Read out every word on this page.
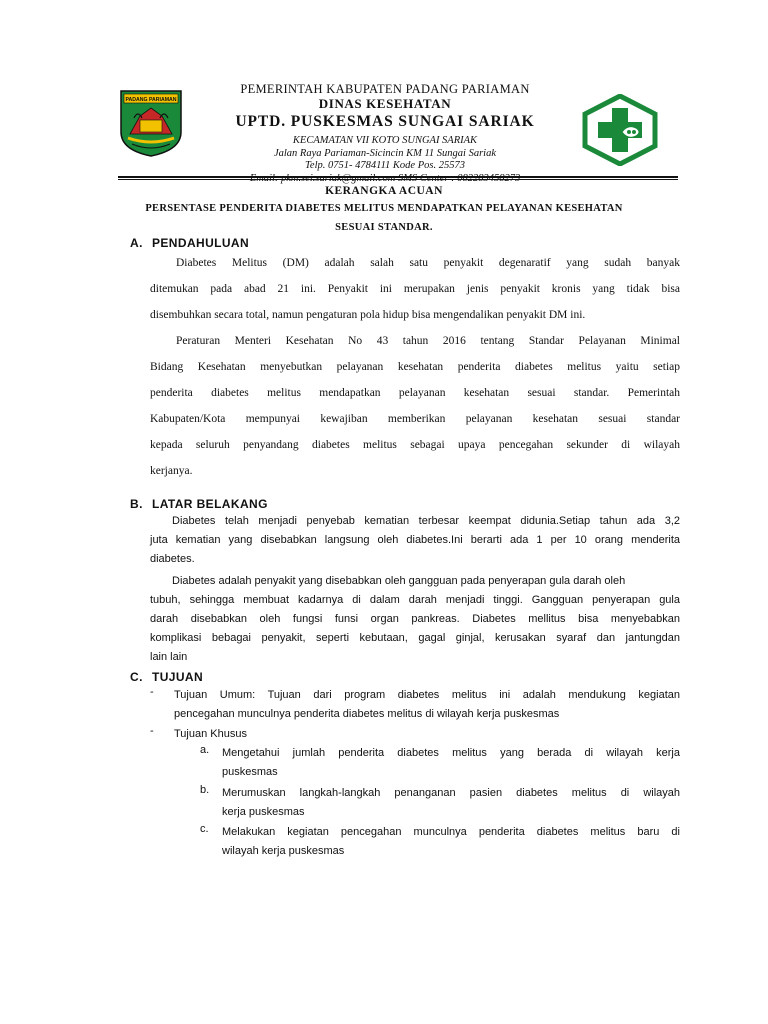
PADANG PARIAMAN
PEMERINTAH KABUPATEN PADANG PARIAMAN
DINAS KESEHATAN
UPTD. PUSKESMAS SUNGAI SARIAK
KECAMATAN VII KOTO SUNGAI SARIAK
Jalan Raya Pariaman-Sicincin KM 11 Sungai Sariak
Telp. 0751- 4784111 Kode Pos. 25573
Email: pkm.sei.sariak@gmail.com SMS Center : 082283458273
KERANGKA ACUAN
PERSENTASE PENDERITA DIABETES MELITUS MENDAPATKAN PELAYANAN KESEHATAN
SESUAI STANDAR.
A. PENDAHULUAN
Diabetes Melitus (DM) adalah salah satu penyakit degenaratif yang sudah banyak
ditemukan pada abad 21 ini. Penyakit ini merupakan jenis penyakit kronis yang tidak bisa
disembuhkan secara total, namun pengaturan pola hidup bisa mengendalikan penyakit DM ini.
Peraturan Menteri Kesehatan No 43 tahun 2016 tentang Standar Pelayanan Minimal
Bidang Kesehatan menyebutkan pelayanan kesehatan penderita diabetes melitus yaitu setiap
penderita diabetes melitus mendapatkan pelayanan kesehatan sesuai standar. Pemerintah
Kabupaten/Kota mempunyai kewajiban memberikan pelayanan kesehatan sesuai standar
kepada seluruh penyandang diabetes melitus sebagai upaya pencegahan sekunder di wilayah
kerjanya.
B. LATAR BELAKANG
Diabetes telah menjadi penyebab kematian terbesar keempat didunia.Setiap tahun ada 3,2
juta kematian yang disebabkan langsung oleh diabetes.Ini berarti ada 1 per 10 orang menderita
diabetes.
Diabetes adalah penyakit yang disebabkan oleh gangguan pada penyerapan gula darah oleh
tubuh, sehingga membuat kadarnya di dalam darah menjadi tinggi. Gangguan penyerapan gula
darah disebabkan oleh fungsi funsi organ pankreas. Diabetes mellitus bisa menyebabkan
komplikasi bebagai penyakit, seperti kebutaan, gagal ginjal, kerusakan syaraf dan jantungdan
lain lain
C. TUJUAN
- Tujuan Umum: Tujuan dari program diabetes melitus ini adalah mendukung kegiatan
pencegahan munculnya penderita diabetes melitus di wilayah kerja puskesmas
- Tujuan Khusus
a. Mengetahui jumlah penderita diabetes melitus yang berada di wilayah kerja
puskesmas
b. Merumuskan langkah-langkah penanganan pasien diabetes melitus di wilayah
kerja puskesmas
c. Melakukan kegiatan pencegahan munculnya penderita diabetes melitus baru di
wilayah kerja puskesmas
